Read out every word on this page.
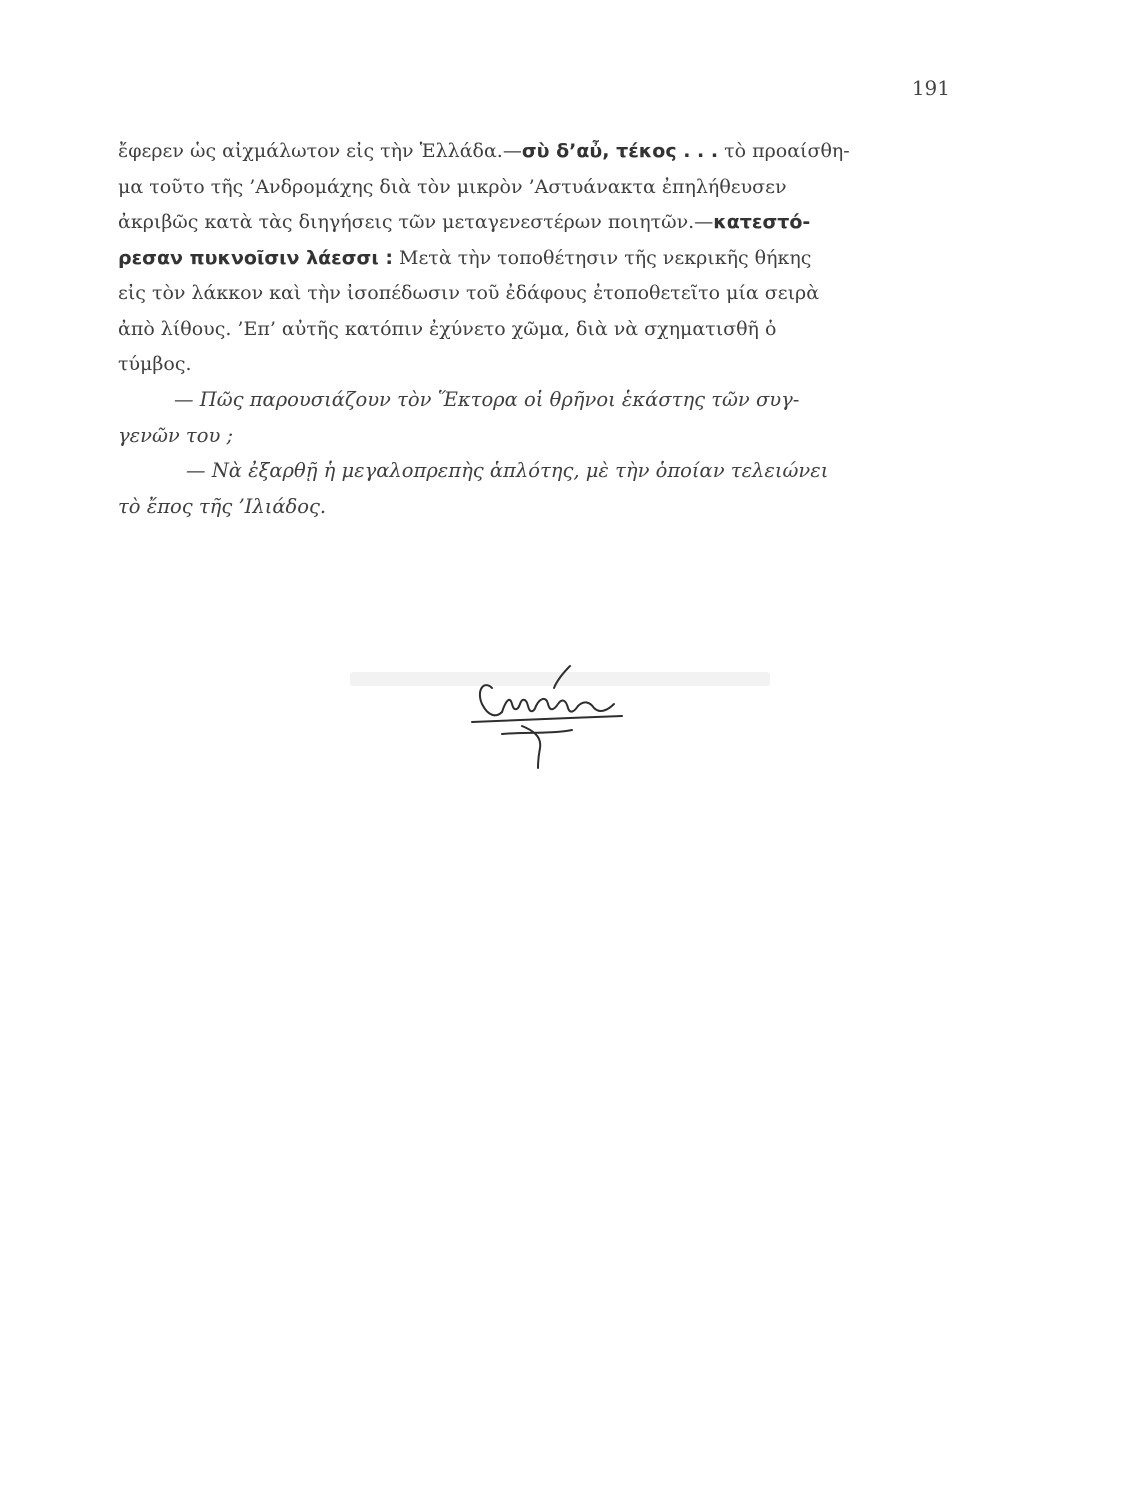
191
ἔφερεν ὡς αἰχμάλωτον εἰς τὴν Ἑλλάδα.—σὺ δ’αὖ, τέκος . . . τὸ προαίσθη-
μα τοῦτο τῆς ’Ανδρομάχης διὰ τὸν μικρὸν ’Αστυάνακτα ἐπηλήθευσεν
ἀκριβῶς κατὰ τὰς διηγήσεις τῶν μεταγενεστέρων ποιητῶν.—κατεστό-
ρεσαν πυκνοῖσιν λάεσσι : Μετὰ τὴν τοποθέτησιν τῆς νεκρικῆς θήκης
εἰς τὸν λάκκον καὶ τὴν ἰσοπέδωσιν τοῦ ἐδάφους ἐτοποθετεῖτο μία σειρὰ
ἀπὸ λίθους. ’Επ’ αὐτῆς κατόπιν ἐχύνετο χῶμα, διὰ νὰ σχηματισθῆ ὁ
τύμβος.
— Πῶς παρουσιάζουν τὸν Ἕκτορα οἱ θρῆνοι ἑκάστης τῶν συγ-
γενῶν του ;
— Νὰ ἐξαρθῇ ἡ μεγαλοπρεπὴς ἁπλότης, μὲ τὴν ὁποίαν τελειώνει
τὸ ἔπος τῆς ’Ιλιάδος.
